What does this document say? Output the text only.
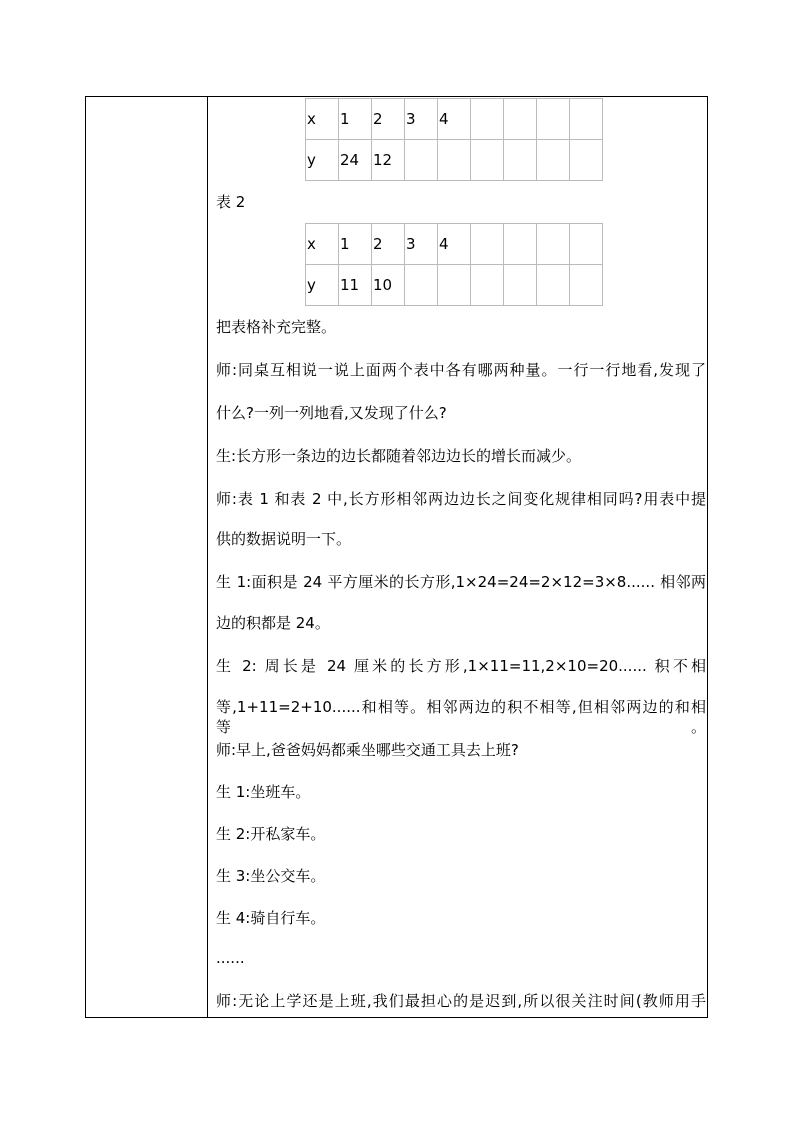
x	1	2	3	4				
y	24	12						
表 2
x	1	2	3	4				
y	11	10						
把表格补充完整。
师:同桌互相说一说上面两个表中各有哪两种量。一行一行地看,发现了
什么?一列一列地看,又发现了什么?
生:长方形一条边的边长都随着邻边边长的增长而减少。
师:表 1 和表 2 中,长方形相邻两边边长之间变化规律相同吗?用表中提
供的数据说明一下。
生 1:面积是 24 平方厘米的长方形,1×24=24=2×12=3×8...... 相邻两
边的积都是 24。
生 2: 周长是 24 厘米的长方形,1×11=11,2×10=20...... 积不相
等,1+11=2+10......和相等。相邻两边的积不相等,但相邻两边的和相等。
师:早上,爸爸妈妈都乘坐哪些交通工具去上班?
生 1:坐班车。
生 2:开私家车。
生 3:坐公交车。
生 4:骑自行车。
......
师:无论上学还是上班,我们最担心的是迟到,所以很关注时间(教师用手
